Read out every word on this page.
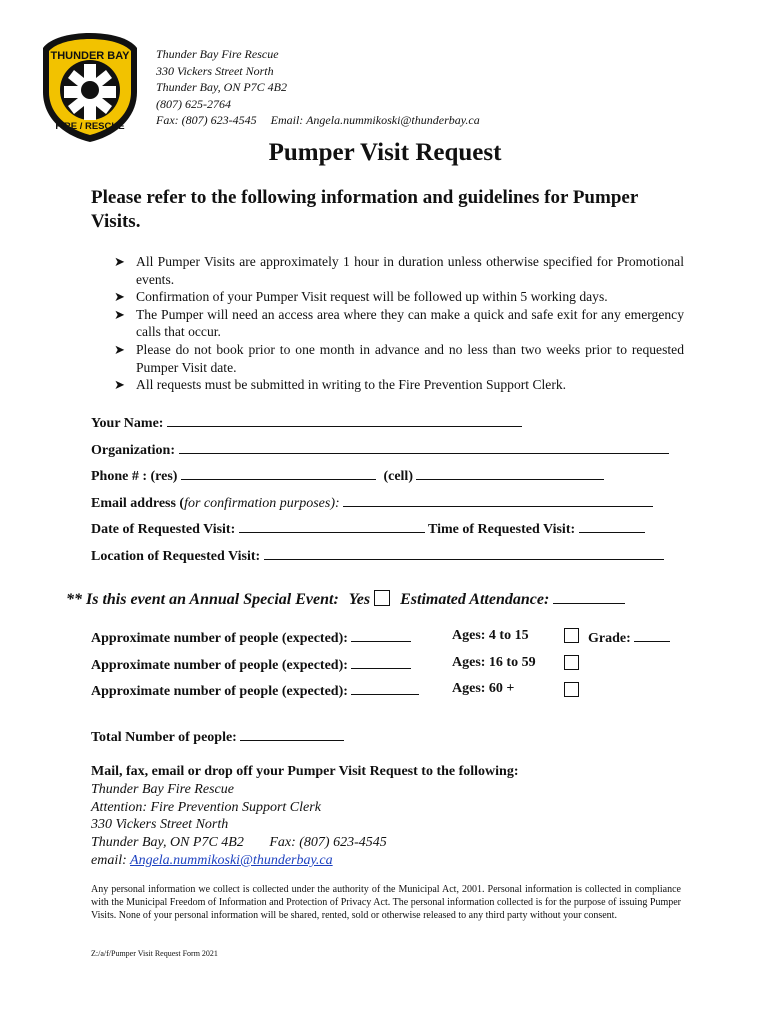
THUNDER BAY
FIRE / RESCUE
Thunder Bay Fire Rescue
330 Vickers Street North
Thunder Bay, ON P7C 4B2
(807) 625-2764
Fax: (807) 623-4545 Email: Angela.nummikoski@thunderbay.ca
Pumper Visit Request
Please refer to the following information and guidelines for Pumper Visits.
➤ All Pumper Visits are approximately 1 hour in duration unless otherwise specified for Promotional events.
➤ Confirmation of your Pumper Visit request will be followed up within 5 working days.
➤ The Pumper will need an access area where they can make a quick and safe exit for any emergency calls that occur.
➤ Please do not book prior to one month in advance and no less than two weeks prior to requested Pumper Visit date.
➤ All requests must be submitted in writing to the Fire Prevention Support Clerk.
Your Name:
Organization:
Phone # : (res)	(cell)
Email address (for confirmation purposes):
Date of Requested Visit:	Time of Requested Visit:
Location of Requested Visit:
** Is this event an Annual Special Event: Yes Estimated Attendance:
Approximate number of people (expected):	Ages: 4 to 15	Grade:
Approximate number of people (expected):	Ages: 16 to 59
Approximate number of people (expected):	Ages: 60 +
Total Number of people:
Mail, fax, email or drop off your Pumper Visit Request to the following:
Thunder Bay Fire Rescue
Attention: Fire Prevention Support Clerk
330 Vickers Street North
Thunder Bay, ON P7C 4B2 Fax: (807) 623-4545
email: Angela.nummikoski@thunderbay.ca
Any personal information we collect is collected under the authority of the Municipal Act, 2001. Personal information is collected in compliance with the Municipal Freedom of Information and Protection of Privacy Act. The personal information collected is for the purpose of issuing Pumper Visits. None of your personal information will be shared, rented, sold or otherwise released to any third party without your consent.
Z:/a/f/Pumper Visit Request Form 2021
